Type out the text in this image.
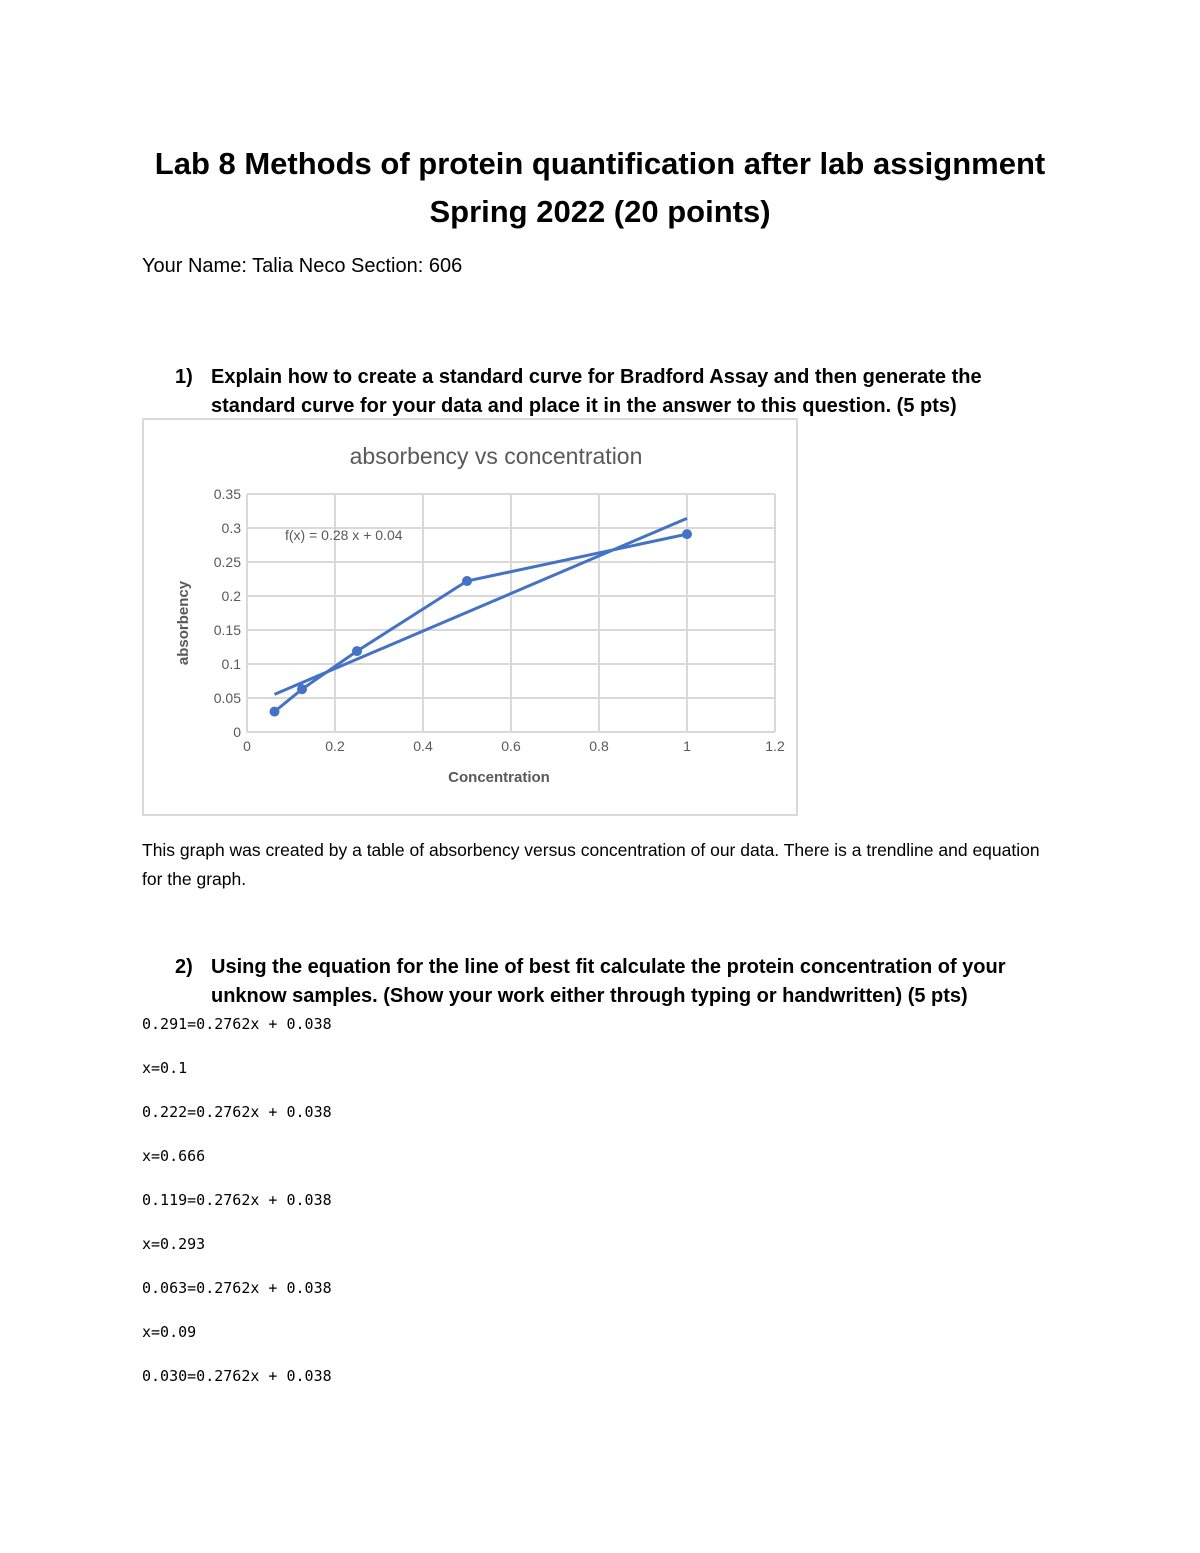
Lab 8 Methods of protein quantification after lab assignment
Spring 2022 (20 points)
Your Name: Talia Neco Section: 606
1) Explain how to create a standard curve for Bradford Assay and then generate the standard curve for your data and place it in the answer to this question. (5 pts)
absorbency vs concentration
0
0.05
0.1
0.15
0.2
0.25
0.3
0.35
0	0.2	0.4	0.6	0.8	1	1.2
Concentration
absorbency
f(x) = 0.28 x + 0.04
This graph was created by a table of absorbency versus concentration of our data. There is a trendline and equation for the graph.
2) Using the equation for the line of best fit calculate the protein concentration of your unknow samples. (Show your work either through typing or handwritten) (5 pts)
0.291=0.2762x + 0.038
x=0.1
0.222=0.2762x + 0.038
x=0.666
0.119=0.2762x + 0.038
x=0.293
0.063=0.2762x + 0.038
x=0.09
0.030=0.2762x + 0.038
